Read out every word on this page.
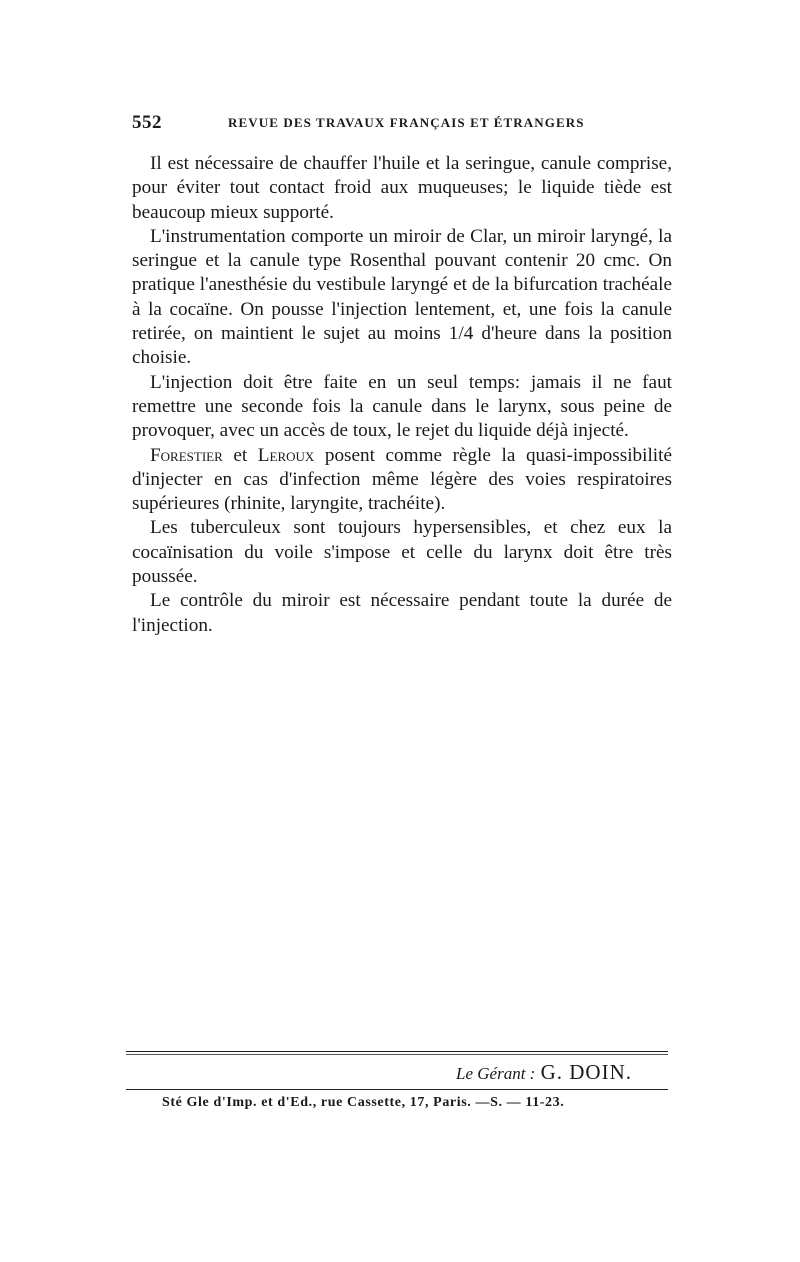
552	REVUE DES TRAVAUX FRANÇAIS ET ÉTRANGERS

Il est nécessaire de chauffer l'huile et la seringue, canule comprise, pour éviter tout contact froid aux muqueuses; le liquide tiède est beaucoup mieux supporté.

L'instrumentation comporte un miroir de Clar, un miroir laryngé, la seringue et la canule type Rosenthal pouvant contenir 20 cmc. On pratique l'anesthésie du vestibule laryngé et de la bifurcation trachéale à la cocaïne. On pousse l'injection lentement, et, une fois la canule retirée, on maintient le sujet au moins 1/4 d'heure dans la position choisie.

L'injection doit être faite en un seul temps: jamais il ne faut remettre une seconde fois la canule dans le larynx, sous peine de provoquer, avec un accès de toux, le rejet du liquide déjà injecté.

Forestier et Leroux posent comme règle la quasi-impossibilité d'injecter en cas d'infection même légère des voies respiratoires supérieures (rhinite, laryngite, trachéite).

Les tuberculeux sont toujours hypersensibles, et chez eux la cocaïnisation du voile s'impose et celle du larynx doit être très poussée.

Le contrôle du miroir est nécessaire pendant toute la durée de l'injection.

Le Gérant : G. DOIN.
Sté Gle d'Imp. et d'Ed., rue Cassette, 17, Paris. —S. — 11-23.
